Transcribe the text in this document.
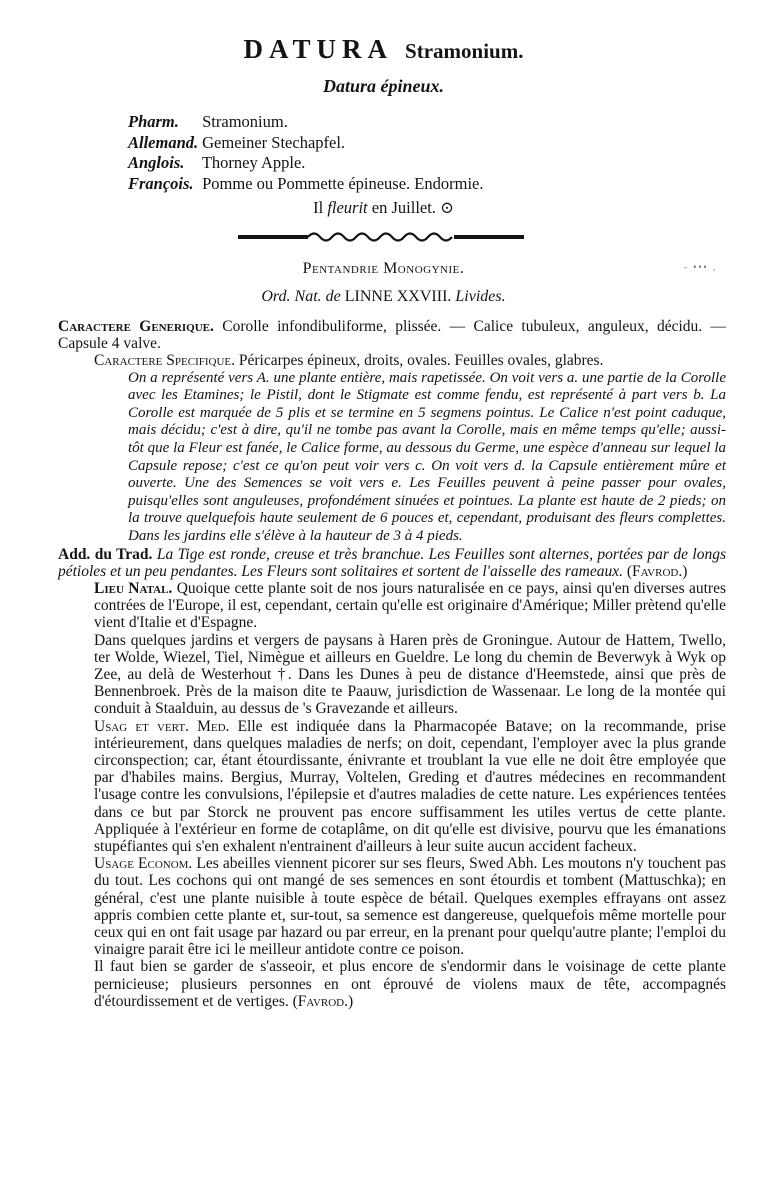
DATURA Stramonium.
Datura épineux.
Pharm. Stramonium.
Allemand. Gemeiner Stechapfel.
Anglois. Thorney Apple.
François. Pomme ou Pommette épineuse. Endormie.
Il fleurit en Juillet. ⊙
Pentandrie Monogynie.	- ••• ,
Ord. Nat. de LINNE XXVIII. Livides.

Caractere Generique. Corolle infondibuliforme, plissée. — Calice tubuleux, anguleux, décidu. — Capsule 4 valve.

Caractere Specifique. Péricarpes épineux, droits, ovales. Feuilles ovales, glabres.

On a représenté vers A. une plante entière, mais rapetissée. On voit vers a. une partie de la Corolle avec les Etamines; le Pistil, dont le Stigmate est comme fendu, est représenté à part vers b. La Corolle est marquée de 5 plis et se termine en 5 segmens pointus. Le Calice n'est point caduque, mais décidu; c'est à dire, qu'il ne tombe pas avant la Corolle, mais en même temps qu'elle; aussi-tôt que la Fleur est fanée, le Calice forme, au dessous du Germe, une espèce d'anneau sur lequel la Capsule repose; c'est ce qu'on peut voir vers c. On voit vers d. la Capsule entièrement mûre et ouverte. Une des Semences se voit vers e. Les Feuilles peuvent à peine passer pour ovales, puisqu'elles sont anguleuses, profondément sinuées et pointues. La plante est haute de 2 pieds; on la trouve quelquefois haute seulement de 6 pouces et, cependant, produisant des fleurs complettes. Dans les jardins elle s'élève à la hauteur de 3 à 4 pieds.

Add. du Trad. La Tige est ronde, creuse et très branchue. Les Feuilles sont alternes, portées par de longs pétioles et un peu pendantes. Les Fleurs sont solitaires et sortent de l'aisselle des rameaux. (Favrod.)

Lieu Natal. Quoique cette plante soit de nos jours naturalisée en ce pays, ainsi qu'en diverses autres contrées de l'Europe, il est, cependant, certain qu'elle est originaire d'Amérique; Miller prètend qu'elle vient d'Italie et d'Espagne.

Dans quelques jardins et vergers de paysans à Haren près de Groningue. Autour de Hattem, Twello, ter Wolde, Wiezel, Tiel, Nimègue et ailleurs en Gueldre. Le long du chemin de Beverwyk à Wyk op Zee, au delà de Westerhout †. Dans les Dunes à peu de distance d'Heemstede, ainsi que près de Bennenbroek. Près de la maison dite te Paauw, jurisdiction de Wassenaar. Le long de la montée qui conduit à Staalduin, au dessus de 's Gravezande et ailleurs.

Usag et vert. Med. Elle est indiquée dans la Pharmacopée Batave; on la recommande, prise intérieurement, dans quelques maladies de nerfs; on doit, cependant, l'employer avec la plus grande circonspection; car, étant étourdissante, énivrante et troublant la vue elle ne doit être employée que par d'habiles mains. Bergius, Murray, Voltelen, Greding et d'autres médecines en recommandent l'usage contre les convulsions, l'épilepsie et d'autres maladies de cette nature. Les expériences tentées dans ce but par Storck ne prouvent pas encore suffisamment les utiles vertus de cette plante. Appliquée à l'extérieur en forme de cotaplâme, on dit qu'elle est divisive, pourvu que les émanations stupéfiantes qui s'en exhalent n'entrainent d'ailleurs à leur suite aucun accident facheux.

Usage Econom. Les abeilles viennent picorer sur ses fleurs, Swed Abh. Les moutons n'y touchent pas du tout. Les cochons qui ont mangé de ses semences en sont étourdis et tombent (Mattuschka); en général, c'est une plante nuisible à toute espèce de bétail. Quelques exemples effrayans ont assez appris combien cette plante et, sur-tout, sa semence est dangereuse, quelquefois même mortelle pour ceux qui en ont fait usage par hazard ou par erreur, en la prenant pour quelqu'autre plante; l'emploi du vinaigre parait être ici le meilleur antidote contre ce poison.

Il faut bien se garder de s'asseoir, et plus encore de s'endormir dans le voisinage de cette plante pernicieuse; plusieurs personnes en ont éprouvé de violens maux de tête, accompagnés d'étourdissement et de vertiges. (Favrod.)
